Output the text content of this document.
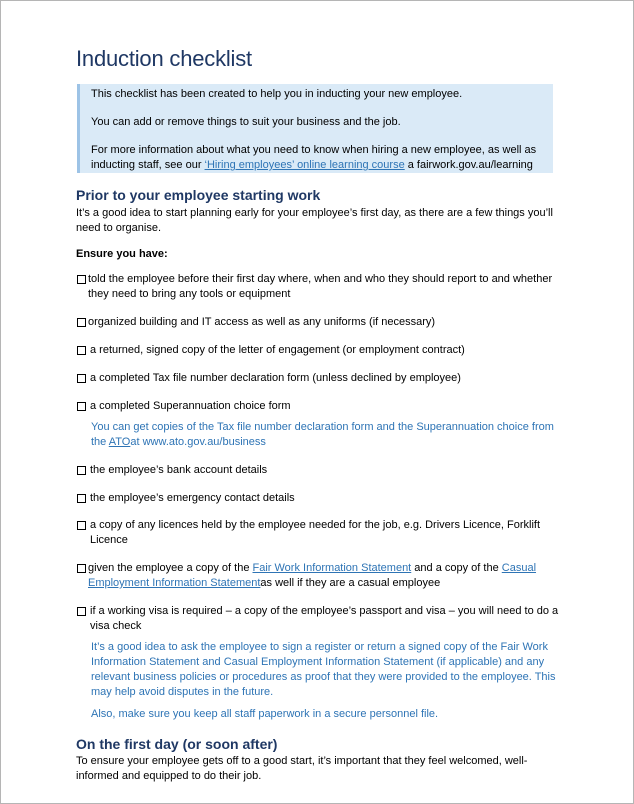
Induction checklist

This checklist has been created to help you in inducting your new employee.

You can add or remove things to suit your business and the job.

For more information about what you need to know when hiring a new employee, as well as inducting staff, see our ‘Hiring employees’ online learning course a fairwork.gov.au/learning

Prior to your employee starting work
It’s a good idea to start planning early for your employee’s first day, as there are a few things you’ll need to organise.
Ensure you have:
told the employee before their first day where, when and who they should report to and whether they need to bring any tools or equipment
organized building and IT access as well as any uniforms (if necessary)
a returned, signed copy of the letter of engagement (or employment contract)
a completed Tax file number declaration form (unless declined by employee)
a completed Superannuation choice form
You can get copies of the Tax file number declaration form and the Superannuation choice from the ATOat www.ato.gov.au/business
the employee’s bank account details
the employee’s emergency contact details
a copy of any licences held by the employee needed for the job, e.g. Drivers Licence, Forklift Licence
given the employee a copy of the Fair Work Information Statement and a copy of the Casual Employment Information Statementas well if they are a casual employee
if a working visa is required – a copy of the employee’s passport and visa – you will need to do a visa check
It’s a good idea to ask the employee to sign a register or return a signed copy of the Fair Work Information Statement and Casual Employment Information Statement (if applicable) and any relevant business policies or procedures as proof that they were provided to the employee. This may help avoid disputes in the future.
Also, make sure you keep all staff paperwork in a secure personnel file.
On the first day (or soon after)
To ensure your employee gets off to a good start, it’s important that they feel welcomed, well-informed and equipped to do their job.
